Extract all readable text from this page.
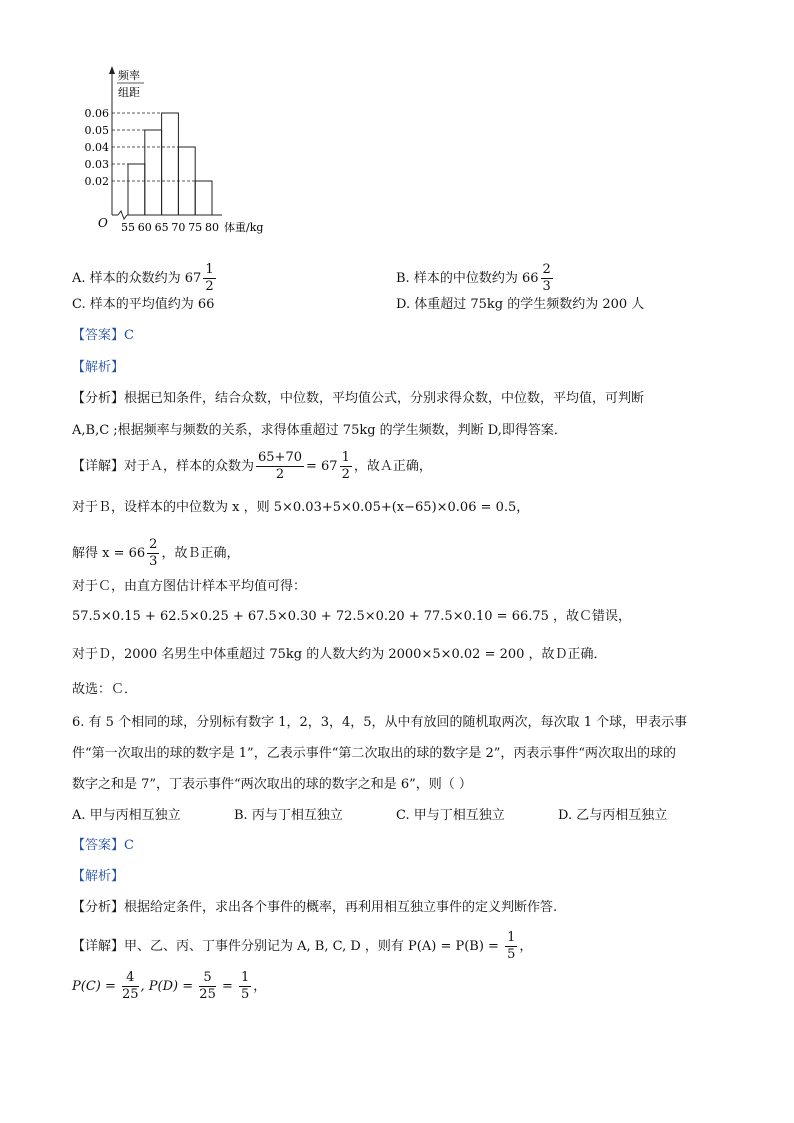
频率
组距
O
0.06
0.05
0.04
0.03
0.02
55 60 65 70 75 80 体重/kg
A. 样本的众数约为 $67 \frac{1}{2}$	B. 样本的中位数约为 $66 \frac{2}{3}$
C. 样本的平均值约为 66	D. 体重超过 75kg 的学生频数约为 200 人
【答案】C
【解析】
【分析】根据已知条件，结合众数，中位数，平均值公式，分别求得众数，中位数，平均值，可判断
A,B,C ;根据频率与频数的关系，求得体重超过 75kg 的学生频数，判断 D,即得答案．
【详解】对于Ａ，样本的众数为 $\frac{65+70}{2} = 67 \frac{1}{2}$ ，故Ａ正确，
对于Ｂ，设样本的中位数为 x ，则 5×0.03+5×0.05+(x−65)×0.06 = 0.5，
解得 $x = 66 \frac{2}{3}$ ，故Ｂ正确，
对于Ｃ，由直方图估计样本平均值可得：
57.5×0.15 + 62.5×0.25 + 67.5×0.30 + 72.5×0.20 + 77.5×0.10 = 66.75 ，故Ｃ错误，
对于Ｄ，2000 名男生中体重超过 75kg 的人数大约为 2000×5×0.02 = 200 ，故Ｄ正确．
故选：Ｃ．
6. 有 5 个相同的球，分别标有数字 1，2，3，4，5，从中有放回的随机取两次，每次取 1 个球，甲表示事
件“第一次取出的球的数字是 1”，乙表示事件“第二次取出的球的数字是 2”，丙表示事件“两次取出的球的
数字之和是 7”，丁表示事件“两次取出的球的数字之和是 6”，则（ ）
A. 甲与丙相互独立	B. 丙与丁相互独立	C. 甲与丁相互独立	D. 乙与丙相互独立
【答案】C
【解析】
【分析】根据给定条件，求出各个事件的概率，再利用相互独立事件的定义判断作答.
【详解】甲、乙、丙、丁事件分别记为 A, B, C, D ，则有 $P(A) = P(B) = \frac{1}{5}$ ，
$P(C) = \frac{4}{25}$ , $P(D) = \frac{5}{25} = \frac{1}{5}$ ，
